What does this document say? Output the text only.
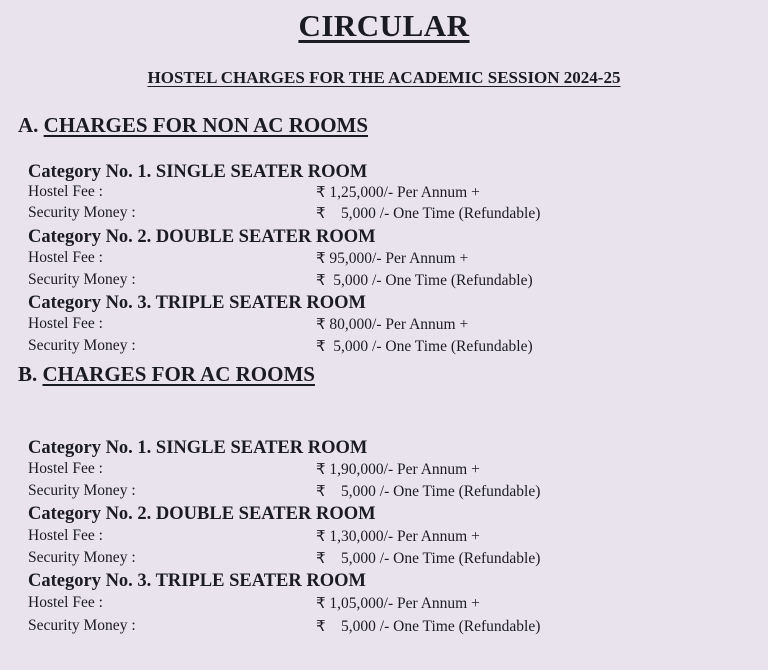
CIRCULAR
HOSTEL CHARGES FOR THE ACADEMIC SESSION 2024-25
A. CHARGES FOR NON AC ROOMS
Category No. 1. SINGLE SEATER ROOM
Hostel Fee :	₹ 1,25,000/- Per Annum +
Security Money :	₹ 5,000 /- One Time (Refundable)
Category No. 2. DOUBLE SEATER ROOM
Hostel Fee :	₹ 95,000/- Per Annum +
Security Money :	₹ 5,000 /- One Time (Refundable)
Category No. 3. TRIPLE SEATER ROOM
Hostel Fee :	₹ 80,000/- Per Annum +
Security Money :	₹ 5,000 /- One Time (Refundable)
B. CHARGES FOR AC ROOMS
Category No. 1. SINGLE SEATER ROOM
Hostel Fee :	₹ 1,90,000/- Per Annum +
Security Money :	₹ 5,000 /- One Time (Refundable)
Category No. 2. DOUBLE SEATER ROOM
Hostel Fee :	₹ 1,30,000/- Per Annum +
Security Money :	₹ 5,000 /- One Time (Refundable)
Category No. 3. TRIPLE SEATER ROOM
Hostel Fee :	₹ 1,05,000/- Per Annum +
Security Money :	₹ 5,000 /- One Time (Refundable)
